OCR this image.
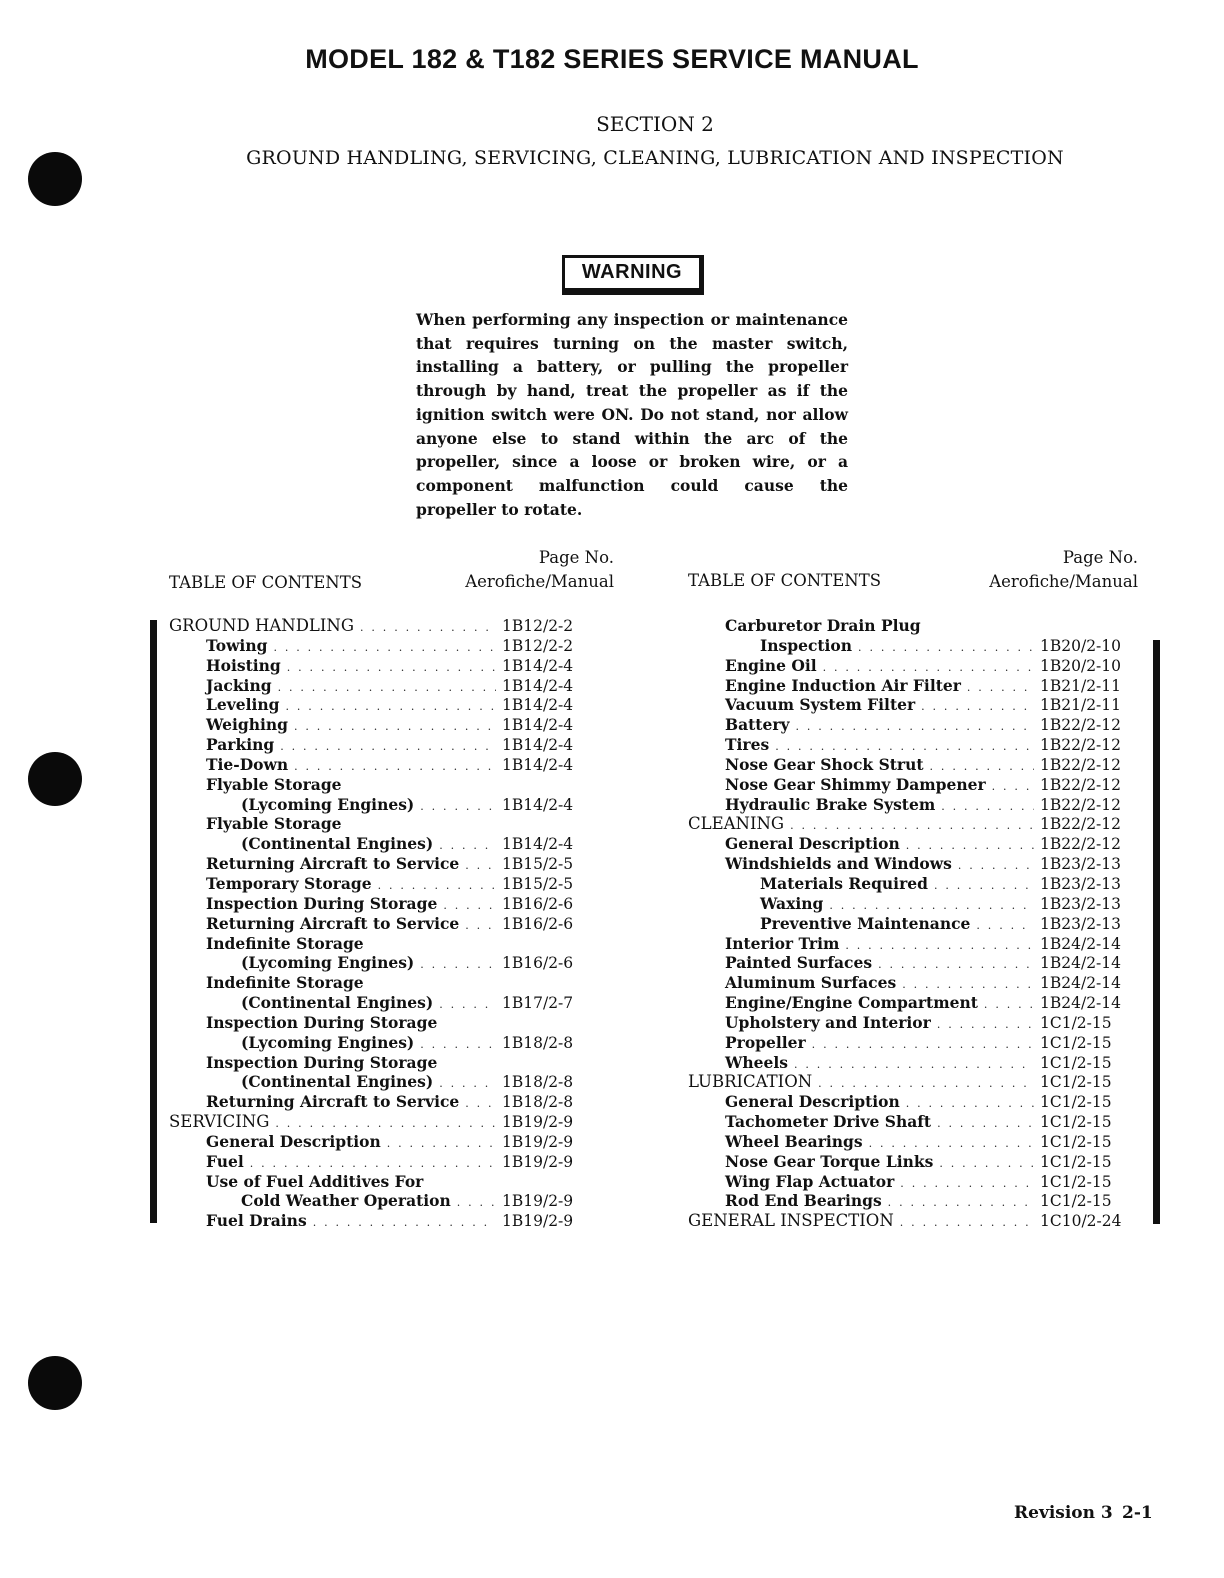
MODEL 182 & T182 SERIES SERVICE MANUAL
SECTION 2
GROUND HANDLING, SERVICING, CLEANING, LUBRICATION AND INSPECTION
WARNING
When performing any inspection or maintenance that requires turning on the master switch, installing a battery, or pulling the propeller through by hand, treat the propeller as if the ignition switch were ON. Do not stand, nor allow anyone else to stand within the arc of the propeller, since a loose or broken wire, or a component malfunction could cause the propeller to rotate.
TABLE OF CONTENTS
Page No.
Aerofiche/Manual	TABLE OF CONTENTS
Page No.
Aerofiche/Manual
GROUND HANDLING . . .	1B12/2-2
Towing . . .	1B12/2-2
Hoisting . . .	1B14/2-4
Jacking . . .	1B14/2-4
Leveling . . .	1B14/2-4
Weighing . . .	1B14/2-4
Parking . . .	1B14/2-4
Tie-Down . . .	1B14/2-4
Flyable Storage
(Lycoming Engines) . . .	1B14/2-4
Flyable Storage
(Continental Engines) . . .	1B14/2-4
Returning Aircraft to Service . . .	1B15/2-5
Temporary Storage . . .	1B15/2-5
Inspection During Storage . . .	1B16/2-6
Returning Aircraft to Service . . .	1B16/2-6
Indefinite Storage
(Lycoming Engines) . . .	1B16/2-6
Indefinite Storage
(Continental Engines) . . .	1B17/2-7
Inspection During Storage
(Lycoming Engines) . . .	1B18/2-8
Inspection During Storage
(Continental Engines) . . .	1B18/2-8
Returning Aircraft to Service . . .	1B18/2-8
SERVICING . . .	1B19/2-9
General Description . . .	1B19/2-9
Fuel . . .	1B19/2-9
Use of Fuel Additives For
Cold Weather Operation . . .	1B19/2-9
Fuel Drains . . .	1B19/2-9
Carburetor Drain Plug
Inspection . . .	1B20/2-10
Engine Oil . . .	1B20/2-10
Engine Induction Air Filter . . .	1B21/2-11
Vacuum System Filter . . .	1B21/2-11
Battery . . .	1B22/2-12
Tires . . .	1B22/2-12
Nose Gear Shock Strut . . .	1B22/2-12
Nose Gear Shimmy Dampener . . .	1B22/2-12
Hydraulic Brake System . . .	1B22/2-12
CLEANING . . .	1B22/2-12
General Description . . .	1B22/2-12
Windshields and Windows . . .	1B23/2-13
Materials Required . . .	1B23/2-13
Waxing . . .	1B23/2-13
Preventive Maintenance . . .	1B23/2-13
Interior Trim . . .	1B24/2-14
Painted Surfaces . . .	1B24/2-14
Aluminum Surfaces . . .	1B24/2-14
Engine/Engine Compartment . . .	1B24/2-14
Upholstery and Interior . . .	1C1/2-15
Propeller . . .	1C1/2-15
Wheels . . .	1C1/2-15
LUBRICATION . . .	1C1/2-15
General Description . . .	1C1/2-15
Tachometer Drive Shaft . . .	1C1/2-15
Wheel Bearings . . .	1C1/2-15
Nose Gear Torque Links . . .	1C1/2-15
Wing Flap Actuator . . .	1C1/2-15
Rod End Bearings . . .	1C1/2-15
GENERAL INSPECTION . . .	1C10/2-24
Revision 3 2-1
